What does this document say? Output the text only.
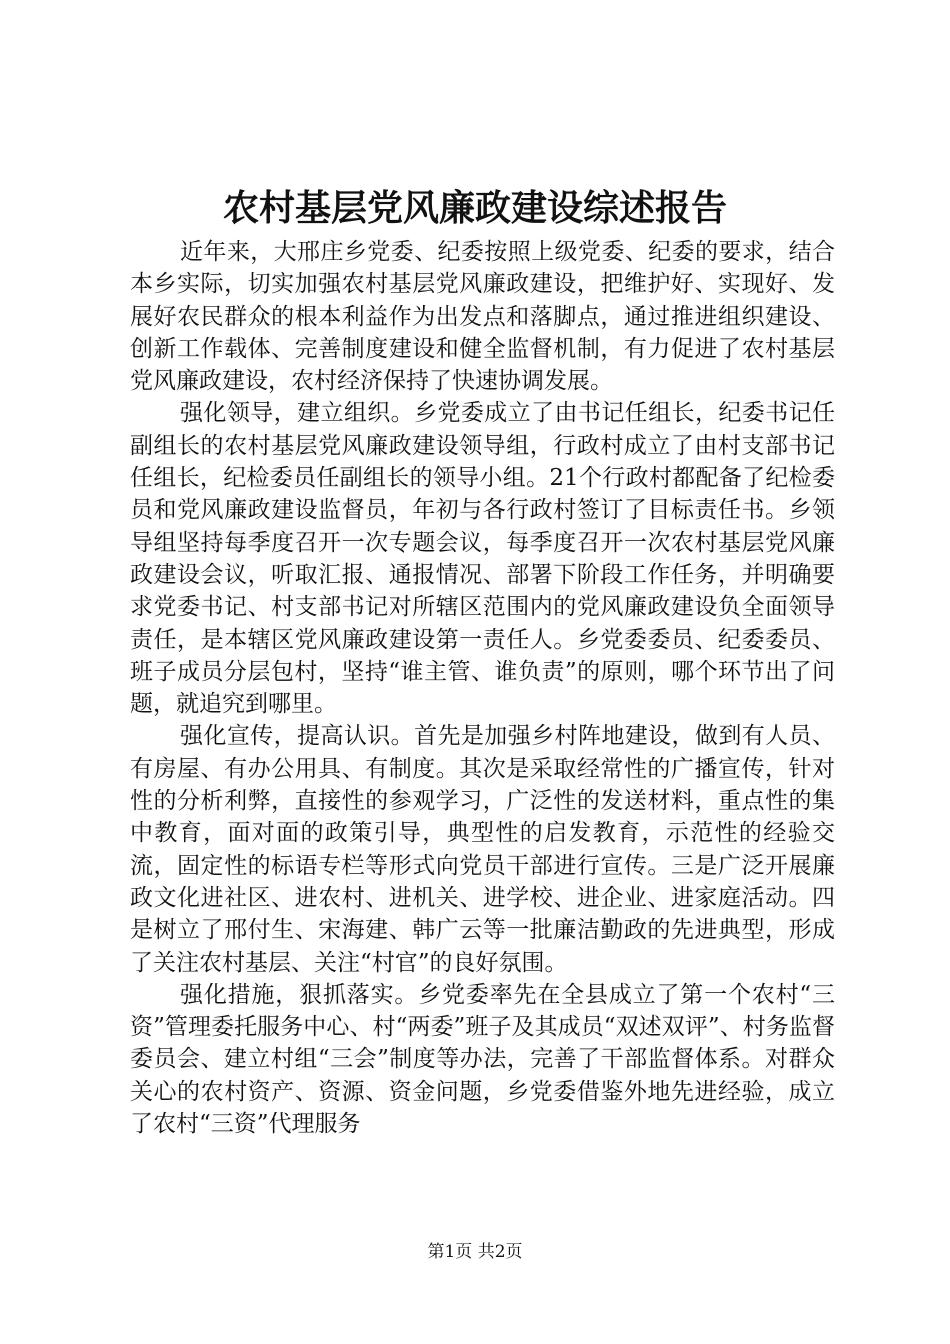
农村基层党风廉政建设综述报告

近年来，大邢庄乡党委、纪委按照上级党委、纪委的要求，结合本乡实际，切实加强农村基层党风廉政建设，把维护好、实现好、发展好农民群众的根本利益作为出发点和落脚点，通过推进组织建设、创新工作载体、完善制度建设和健全监督机制，有力促进了农村基层党风廉政建设，农村经济保持了快速协调发展。

强化领导，建立组织。乡党委成立了由书记任组长，纪委书记任副组长的农村基层党风廉政建设领导组，行政村成立了由村支部书记任组长，纪检委员任副组长的领导小组。21个行政村都配备了纪检委员和党风廉政建设监督员，年初与各行政村签订了目标责任书。乡领导组坚持每季度召开一次专题会议，每季度召开一次农村基层党风廉政建设会议，听取汇报、通报情况、部署下阶段工作任务，并明确要求党委书记、村支部书记对所辖区范围内的党风廉政建设负全面领导责任，是本辖区党风廉政建设第一责任人。乡党委委员、纪委委员、班子成员分层包村，坚持“谁主管、谁负责”的原则，哪个环节出了问题，就追究到哪里。

强化宣传，提高认识。首先是加强乡村阵地建设，做到有人员、有房屋、有办公用具、有制度。其次是采取经常性的广播宣传，针对性的分析利弊，直接性的参观学习，广泛性的发送材料，重点性的集中教育，面对面的政策引导，典型性的启发教育，示范性的经验交流，固定性的标语专栏等形式向党员干部进行宣传。三是广泛开展廉政文化进社区、进农村、进机关、进学校、进企业、进家庭活动。四是树立了邢付生、宋海建、韩广云等一批廉洁勤政的先进典型，形成了关注农村基层、关注“村官”的良好氛围。

强化措施，狠抓落实。乡党委率先在全县成立了第一个农村“三资”管理委托服务中心、村“两委”班子及其成员“双述双评”、村务监督委员会、建立村组“三会”制度等办法，完善了干部监督体系。对群众关心的农村资产、资源、资金问题，乡党委借鉴外地先进经验，成立了农村“三资”代理服务

第1页 共2页
